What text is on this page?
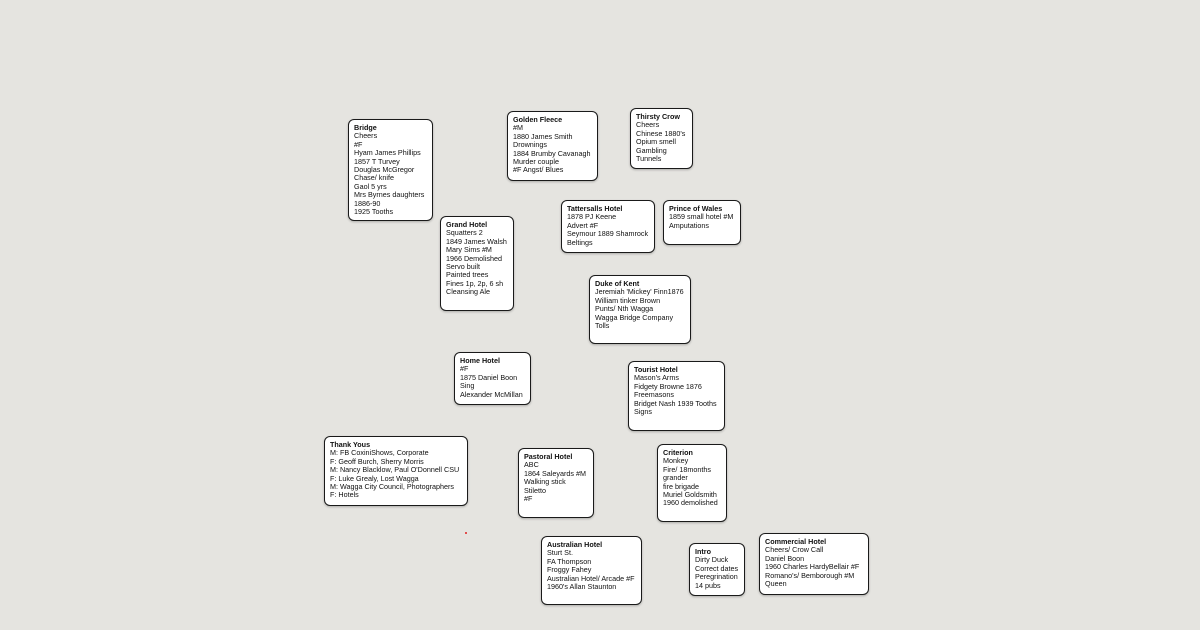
Bridge
Cheers
#F
Hyam James Phillips
1857 T Turvey
Douglas McGregor
Chase/ knife
Gaol 5 yrs
Mrs Byrnes daughters
1886-90
1925 Tooths
Golden Fleece
#M
1880 James Smith
Drownings
1884 Brumby Cavanagh
Murder couple
#F Angst/ Blues
Thirsty Crow
Cheers
Chinese 1880's
Opium smell
Gambling
Tunnels
Grand Hotel
Squatters 2
1849 James Walsh
Mary Sims #M
1966 Demolished
Servo built
Painted trees
Fines 1p, 2p, 6 sh
Cleansing Ale
Tattersalls Hotel
1878 PJ Keene
Advert #F
Seymour 1889 Shamrock
Beltings
Prince of Wales
1859 small hotel #M
Amputations
Duke of Kent
Jeremiah 'Mickey' Finn1876
William tinker Brown
Punts/ Nth Wagga
Wagga Bridge Company
Tolls
Home Hotel
#F
1875 Daniel Boon
Sing
Alexander McMillan
Tourist Hotel
Mason's Arms
Fidgety Browne 1876
Freemasons
Bridget Nash 1939 Tooths
Signs
Thank Yous
M: FB CoxiniShows, Corporate
F: Geoff Burch, Sherry Morris
M: Nancy Blacklow, Paul O'Donnell CSU
F: Luke Grealy, Lost Wagga
M: Wagga City Council, Photographers
F: Hotels
Pastoral Hotel
ABC
1864 Saleyards #M
Walking stick
Stiletto
#F
Criterion
Monkey
Fire/ 18months
grander
fire brigade
Muriel Goldsmith
1960 demolished
Australian Hotel
Sturt St.
FA Thompson
Froggy Fahey
Australian Hotel/ Arcade #F
1960's Allan Staunton
Intro
Dirty Duck
Correct dates
Peregrination
14 pubs
Commercial Hotel
Cheers/ Crow Call
Daniel Boon
1960 Charles HardyBellair #F
Romano's/ Bemborough #M
Queen
